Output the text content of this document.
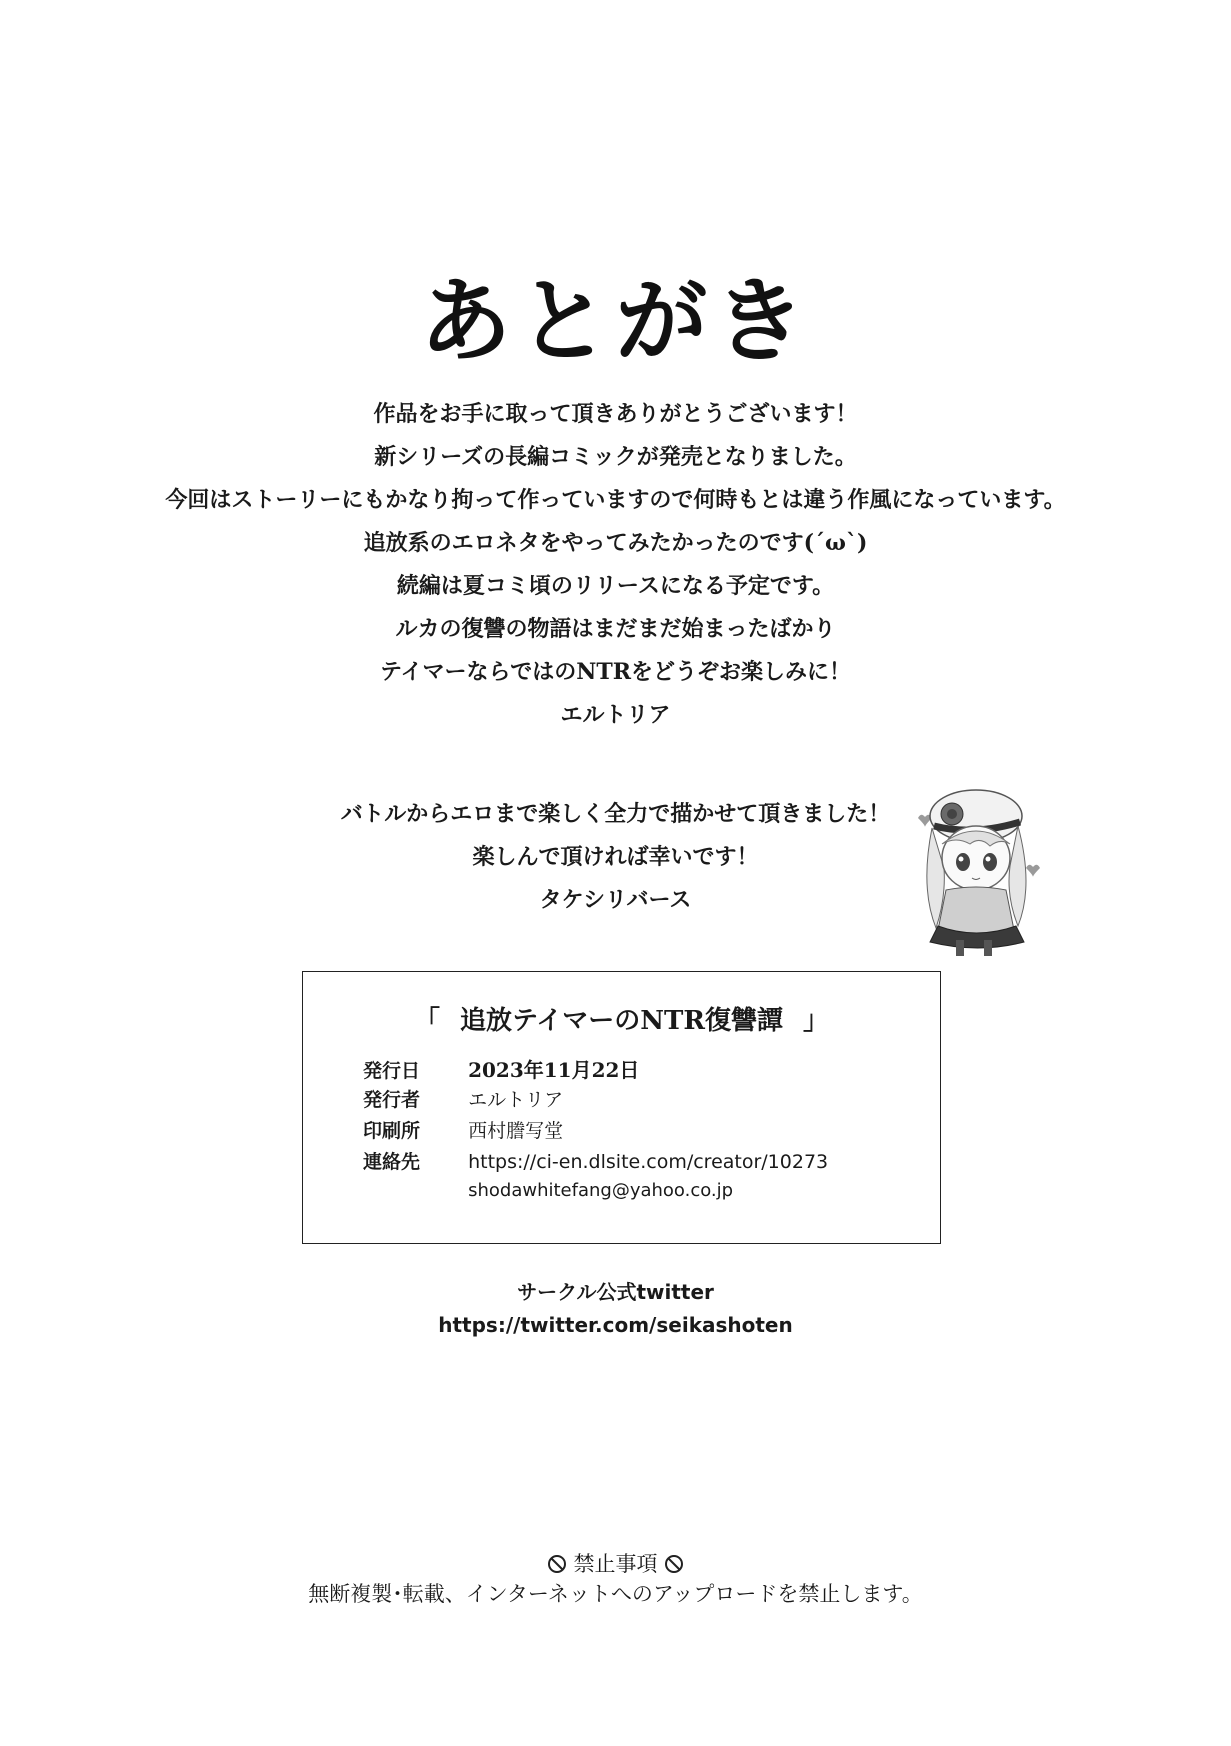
あとがき
作品をお手に取って頂きありがとうございます！
新シリーズの長編コミックが発売となりました。
今回はストーリーにもかなり拘って作っていますので何時もとは違う作風になっています。
追放系のエロネタをやってみたかったのです(´ω`)
続編は夏コミ頃のリリースになる予定です。
ルカの復讐の物語はまだまだ始まったばかり
テイマーならではのNTRをどうぞお楽しみに！
エルトリア
バトルからエロまで楽しく全力で描かせて頂きました！
楽しんで頂ければ幸いです！
タケシリバース
「 追放テイマーのNTR復讐譚 」
発行日 2023年11月22日
発行者	エルトリア
印刷所	西村謄写堂
連絡先	https://ci-en.dlsite.com/creator/10273
shodawhitefang@yahoo.co.jp
サークル公式twitter
https://twitter.com/seikashoten
禁止事項
無断複製･転載、インターネットへのアップロードを禁止します。
